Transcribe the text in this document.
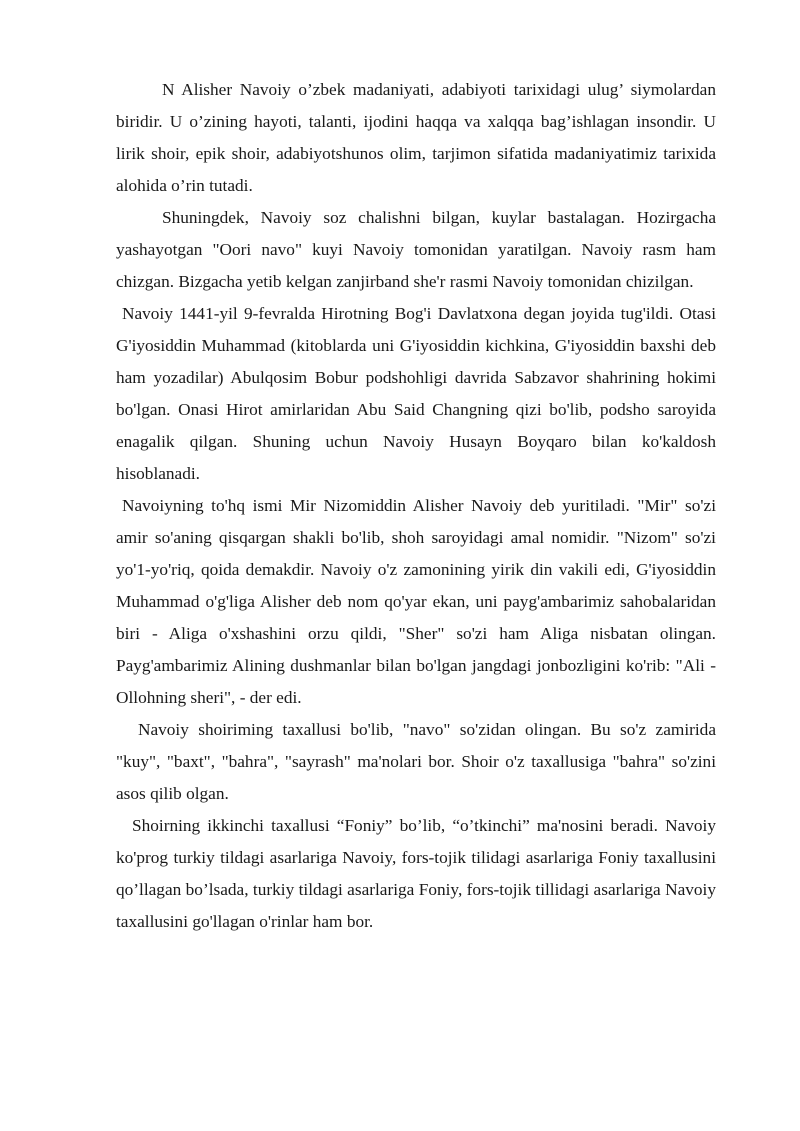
N Alisher Navoiy o’zbek madaniyati, adabiyoti tarixidagi ulug’ siymolardan biridir. U o’zining hayoti, talanti, ijodini haqqa va xalqqa bag’ishlagan insondir. U lirik shoir, epik shoir, adabiyotshunos olim, tarjimon sifatida madaniyatimiz tarixida alohida o’rin tutadi.

Shuningdek, Navoiy soz chalishni bilgan, kuylar bastalagan. Hozirgacha yashayotgan "Oori navo" kuyi Navoiy tomonidan yaratilgan. Navoiy rasm ham chizgan. Bizgacha yetib kelgan zanjirband she'r rasmi Navoiy tomonidan chizilgan.

Navoiy 1441-yil 9-fevralda Hirotning Bog'i Davlatxona degan joyida tug'ildi. Otasi G'iyosiddin Muhammad (kitoblarda uni G'iyosiddin kichkina, G'iyosiddin baxshi deb ham yozadilar) Abulqosim Bobur podshohligi davrida Sabzavor shahrining hokimi bo'lgan. Onasi Hirot amirlaridan Abu Said Changning qizi bo'lib, podsho saroyida enagalik qilgan. Shuning uchun Navoiy Husayn Boyqaro bilan ko'kaldosh hisoblanadi.

Navoiyning to'hq ismi Mir Nizomiddin Alisher Navoiy deb yuritiladi. "Mir" so'zi amir so'aning qisqargan shakli bo'lib, shoh saroyidagi amal nomidir. "Nizom" so'zi yo'1-yo'riq, qoida demakdir. Navoiy o'z zamonining yirik din vakili edi, G'iyosiddin Muhammad o'g'liga Alisher deb nom qo'yar ekan, uni payg'ambarimiz sahobalaridan biri - Aliga o'xshashini orzu qildi, "Sher" so'zi ham Aliga nisbatan olingan. Payg'ambarimiz Alining dushmanlar bilan bo'lgan jangdagi jonbozligini ko'rib: "Ali - Ollohning sheri", - der edi.

Navoiy shoiriming taxallusi bo'lib, "navo" so'zidan olingan. Bu so'z zamirida "kuy", "baxt", "bahra", "sayrash" ma'nolari bor. Shoir o'z taxallusiga "bahra" so'zini asos qilib olgan.

Shoirning ikkinchi taxallusi “Foniy” bo’lib, “o’tkinchi” ma'nosini beradi. Navoiy ko'prog turkiy tildagi asarlariga Navoiy, fors-tojik tilidagi asarlariga Foniy taxallusini qo’llagan bo’lsada, turkiy tildagi asarlariga Foniy, fors-tojik tillidagi asarlariga Navoiy taxallusini go'llagan o'rinlar ham bor.
